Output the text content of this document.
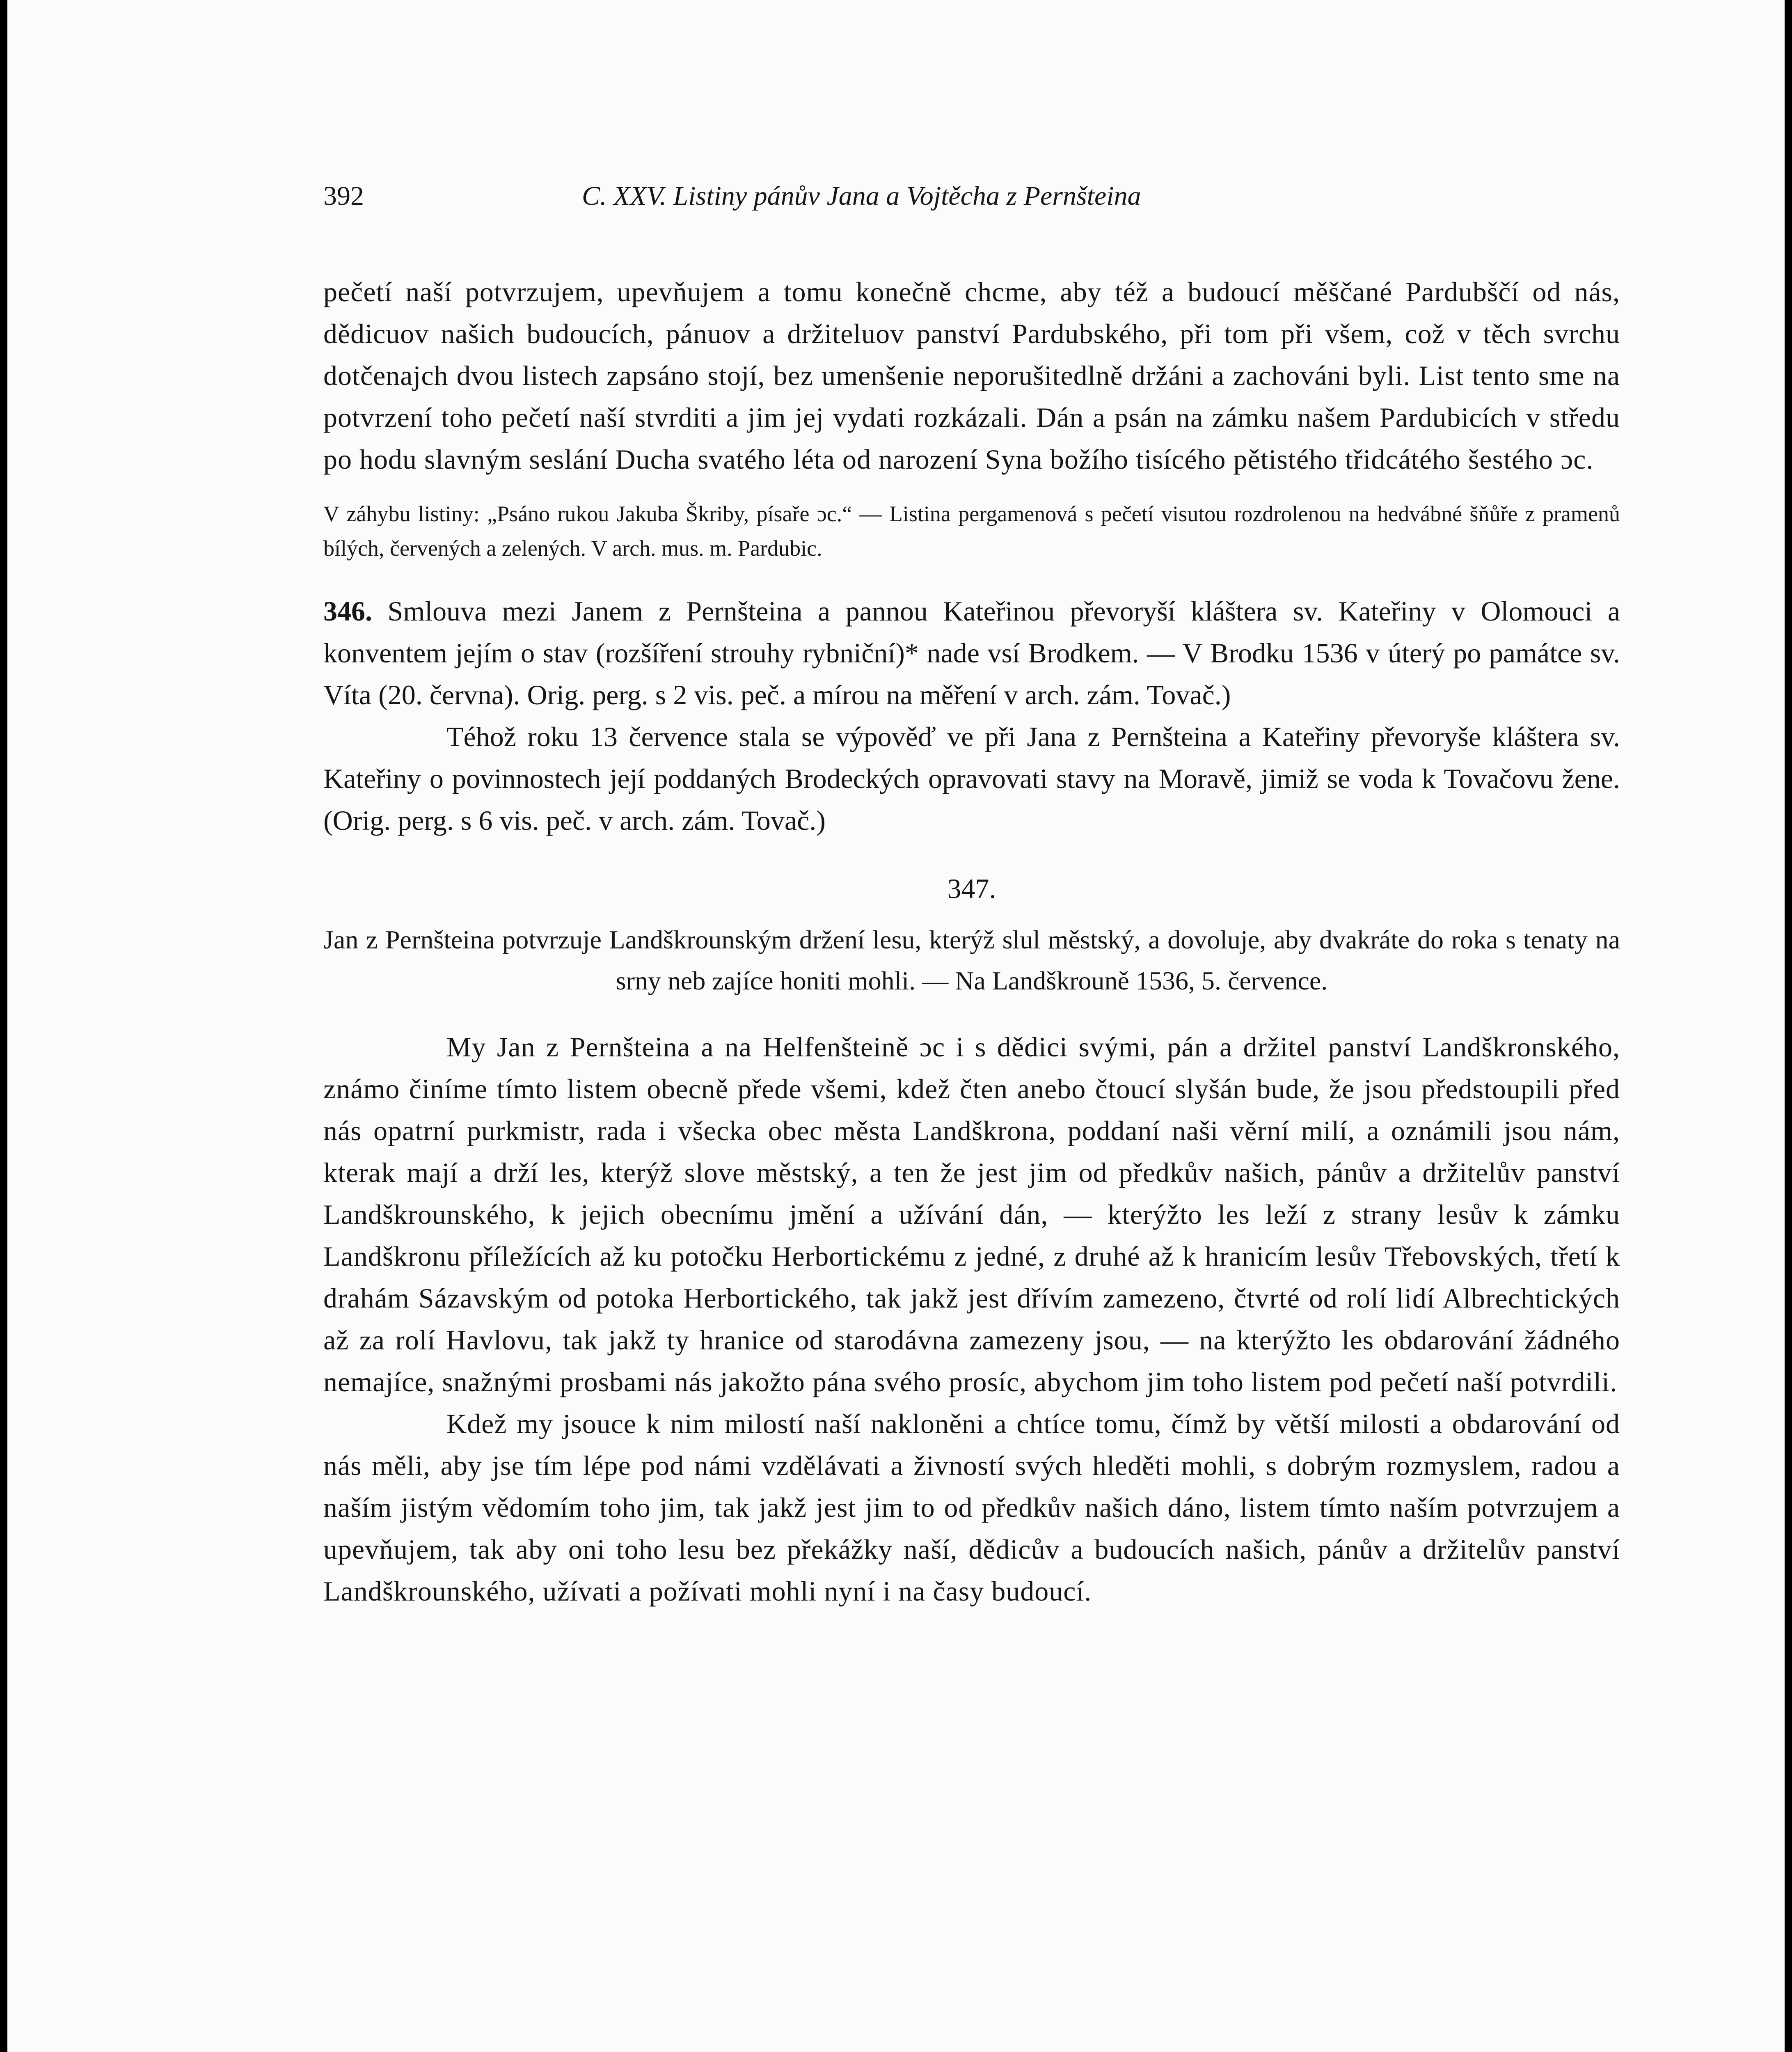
392	C. XXV. Listiny pánův Jana a Vojtěcha z Pernšteina

pečetí naší potvrzujem, upevňujem a tomu konečně chcme, aby též a budoucí měščané Pardubščí od nás, dědicuov našich budoucích, pánuov a držiteluov panství Pardubského, při tom při všem, což v těch svrchu dotčenajch dvou listech zapsáno stojí, bez umenšenie neporušitedlně držáni a zachováni byli. List tento sme na potvrzení toho pečetí naší stvrditi a jim jej vydati rozkázali. Dán a psán na zámku našem Pardubicích v středu po hodu slavným seslání Ducha svatého léta od narození Syna božího tisícého pětistého třidcátého šestého ɔc.

V záhybu listiny: „Psáno rukou Jakuba Škriby, písaře ɔc.“ — Listina pergamenová s pečetí visutou rozdrolenou na hedvábné šňůře z pramenů bílých, červených a zelených. V arch. mus. m. Pardubic.

346. Smlouva mezi Janem z Pernšteina a pannou Kateřinou převoryší kláštera sv. Kateřiny v Olomouci a konventem jejím o stav (rozšíření strouhy rybniční)* nade vsí Brodkem. — V Brodku 1536 v úterý po památce sv. Víta (20. června). Orig. perg. s 2 vis. peč. a mírou na měření v arch. zám. Tovač.)

Téhož roku 13 července stala se výpověď ve při Jana z Pernšteina a Kateřiny převoryše kláštera sv. Kateřiny o povinnostech její poddaných Brodeckých opravovati stavy na Moravě, jimiž se voda k Tovačovu žene. (Orig. perg. s 6 vis. peč. v arch. zám. Tovač.)

347.

Jan z Pernšteina potvrzuje Landškrounským držení lesu, kterýž slul městský, a dovoluje, aby dvakráte do roka s tenaty na srny neb zajíce honiti mohli. — Na Landškrouně 1536, 5. července.

My Jan z Pernšteina a na Helfenšteině ɔc i s dědici svými, pán a držitel panství Landškronského, známo činíme tímto listem obecně přede všemi, kdež čten anebo čtoucí slyšán bude, že jsou předstoupili před nás opatrní purkmistr, rada i všecka obec města Landškrona, poddaní naši věrní milí, a oznámili jsou nám, kterak mají a drží les, kterýž slove městský, a ten že jest jim od předkův našich, pánův a držitelův panství Landškrounského, k jejich obecnímu jmění a užívání dán, — kterýžto les leží z strany lesův k zámku Landškronu příležících až ku potočku Herbortickému z jedné, z druhé až k hranicím lesův Třebovských, třetí k drahám Sázavským od potoka Herbortického, tak jakž jest dřívím zamezeno, čtvrté od rolí lidí Albrechtických až za rolí Havlovu, tak jakž ty hranice od starodávna zamezeny jsou, — na kterýžto les obdarování žádného nemajíce, snažnými prosbami nás jakožto pána svého prosíc, abychom jim toho listem pod pečetí naší potvrdili.

Kdež my jsouce k nim milostí naší nakloněni a chtíce tomu, čímž by větší milosti a obdarování od nás měli, aby jse tím lépe pod námi vzdělávati a živností svých hleděti mohli, s dobrým rozmyslem, radou a naším jistým vědomím toho jim, tak jakž jest jim to od předkův našich dáno, listem tímto naším potvrzujem a upevňujem, tak aby oni toho lesu bez překážky naší, dědicův a budoucích našich, pánův a držitelův panství Landškrounského, užívati a požívati mohli nyní i na časy budoucí.
